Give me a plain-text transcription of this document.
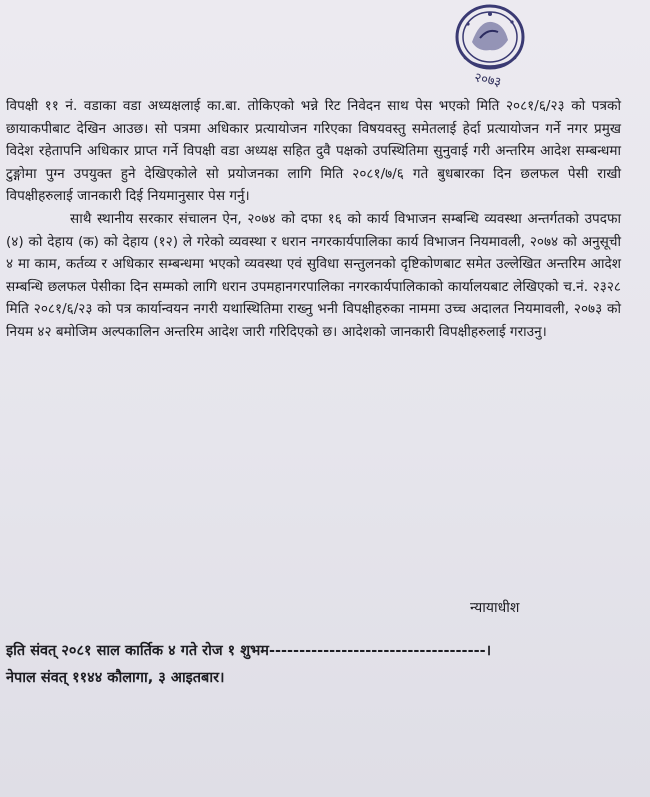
२०७३

विपक्षी ११ नं. वडाका वडा अध्यक्षलाई का.बा. तोकिएको भन्ने रिट निवेदन साथ पेस भएको मिति २०८१/६/२३ को पत्रको छायाकपीबाट देखिन आउछ। सो पत्रमा अधिकार प्रत्यायोजन गरिएका विषयवस्तु समेतलाई हेर्दा प्रत्यायोजन गर्ने नगर प्रमुख विदेश रहेतापनि अधिकार प्राप्त गर्ने विपक्षी वडा अध्यक्ष सहित दुवै पक्षको उपस्थितिमा सुनुवाई गरी अन्तरिम आदेश सम्बन्धमा टुङ्गोमा पुग्न उपयुक्त हुने देखिएकोले सो प्रयोजनका लागि मिति २०८१/७/६ गते बुधबारका दिन छलफल पेसी राखी विपक्षीहरुलाई जानकारी दिई नियमानुसार पेस गर्नु।

साथै स्थानीय सरकार संचालन ऐन, २०७४ को दफा १६ को कार्य विभाजन सम्बन्धि व्यवस्था अन्तर्गतको उपदफा (४) को देहाय (क) को देहाय (१२) ले गरेको व्यवस्था र धरान नगरकार्यपालिका कार्य विभाजन नियमावली, २०७४ को अनुसूची ४ मा काम, कर्तव्य र अधिकार सम्बन्धमा भएको व्यवस्था एवं सुविधा सन्तुलनको दृष्टिकोणबाट समेत उल्लेखित अन्तरिम आदेश सम्बन्धि छलफल पेसीका दिन सम्मको लागि धरान उपमहानगरपालिका नगरकार्यपालिकाको कार्यालयबाट लेखिएको च.नं. २३२८ मिति २०८१/६/२३ को पत्र कार्यान्वयन नगरी यथास्थितिमा राख्नु भनी विपक्षीहरुका नाममा उच्च अदालत नियमावली, २०७३ को नियम ४२ बमोजिम अल्पकालिन अन्तरिम आदेश जारी गरिदिएको छ। आदेशको जानकारी विपक्षीहरुलाई गराउनु।

न्यायाधीश
इति संवत् २०८१ साल कार्तिक ४ गते रोज १ शुभम------------------------------------।
नेपाल संवत् ११४४ कौलागा, ३ आइतबार।
